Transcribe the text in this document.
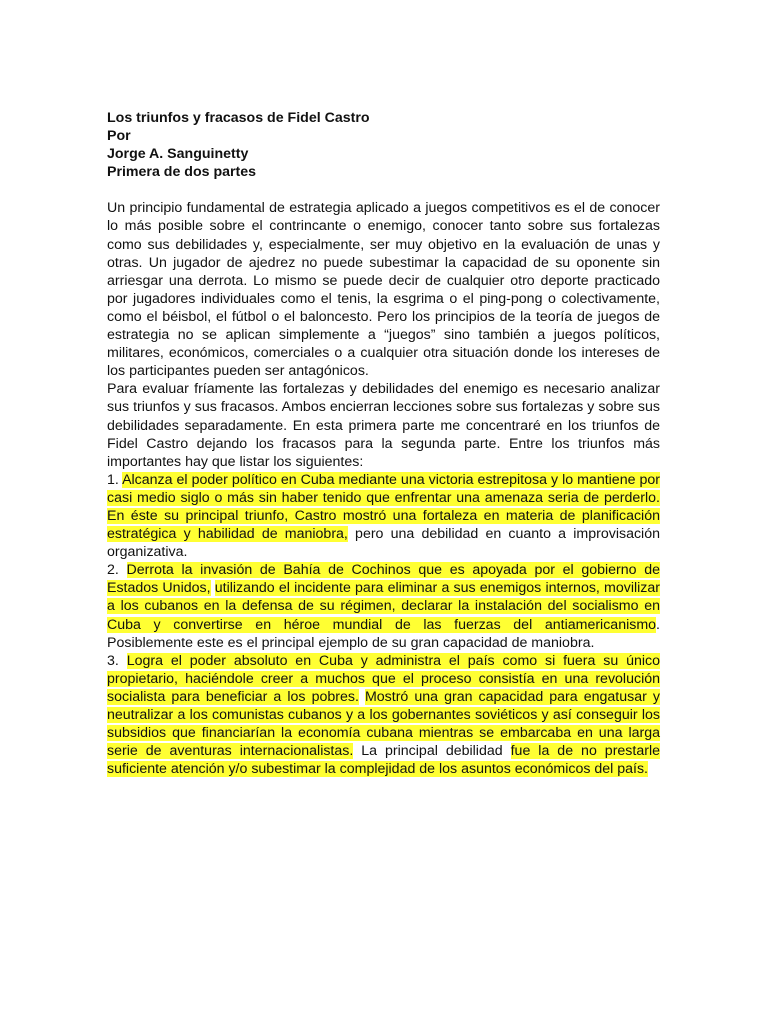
Los triunfos y fracasos de Fidel Castro
Por
Jorge A. Sanguinetty
Primera de dos partes

Un principio fundamental de estrategia aplicado a juegos competitivos es el de conocer lo más posible sobre el contrincante o enemigo, conocer tanto sobre sus fortalezas como sus debilidades y, especialmente, ser muy objetivo en la evaluación de unas y otras. Un jugador de ajedrez no puede subestimar la capacidad de su oponente sin arriesgar una derrota. Lo mismo se puede decir de cualquier otro deporte practicado por jugadores individuales como el tenis, la esgrima o el ping-pong o colectivamente, como el béisbol, el fútbol o el baloncesto. Pero los principios de la teoría de juegos de estrategia no se aplican simplemente a “juegos” sino también a juegos políticos, militares, económicos, comerciales o a cualquier otra situación donde los intereses de los participantes pueden ser antagónicos.

Para evaluar fríamente las fortalezas y debilidades del enemigo es necesario analizar sus triunfos y sus fracasos. Ambos encierran lecciones sobre sus fortalezas y sobre sus debilidades separadamente. En esta primera parte me concentraré en los triunfos de Fidel Castro dejando los fracasos para la segunda parte. Entre los triunfos más importantes hay que listar los siguientes:

1. Alcanza el poder político en Cuba mediante una victoria estrepitosa y lo mantiene por casi medio siglo o más sin haber tenido que enfrentar una amenaza seria de perderlo. En éste su principal triunfo, Castro mostró una fortaleza en materia de planificación estratégica y habilidad de maniobra, pero una debilidad en cuanto a improvisación organizativa.

2. Derrota la invasión de Bahía de Cochinos que es apoyada por el gobierno de Estados Unidos, utilizando el incidente para eliminar a sus enemigos internos, movilizar a los cubanos en la defensa de su régimen, declarar la instalación del socialismo en Cuba y convertirse en héroe mundial de las fuerzas del antiamericanismo. Posiblemente este es el principal ejemplo de su gran capacidad de maniobra.

3. Logra el poder absoluto en Cuba y administra el país como si fuera su único propietario, haciéndole creer a muchos que el proceso consistía en una revolución socialista para beneficiar a los pobres. Mostró una gran capacidad para engatusar y neutralizar a los comunistas cubanos y a los gobernantes soviéticos y así conseguir los subsidios que financiarían la economía cubana mientras se embarcaba en una larga serie de aventuras internacionalistas. La principal debilidad fue la de no prestarle suficiente atención y/o subestimar la complejidad de los asuntos económicos del país.
